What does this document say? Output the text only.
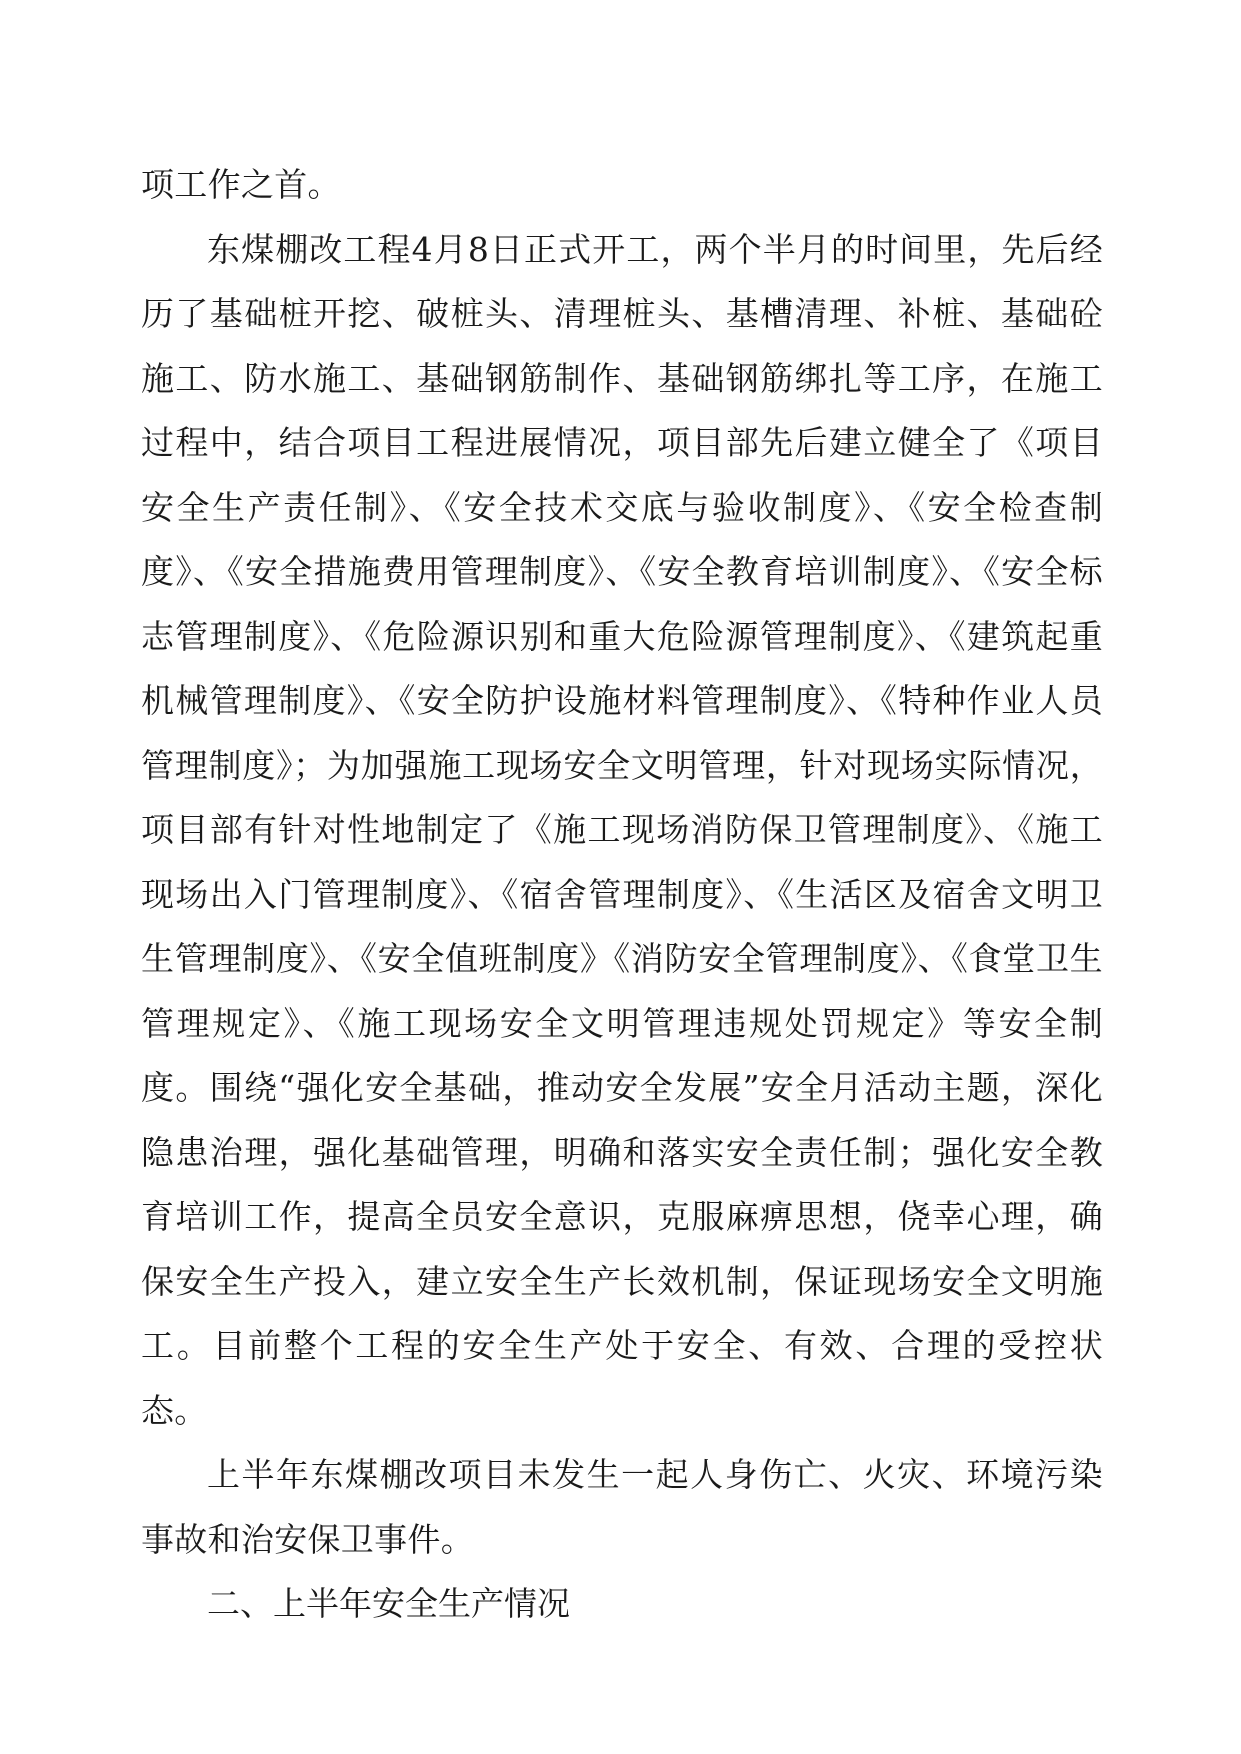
项工作之首。

东煤棚改工程4月8日正式开工，两个半月的时间里，先后经历了基础桩开挖、破桩头、清理桩头、基槽清理、补桩、基础砼施工、防水施工、基础钢筋制作、基础钢筋绑扎等工序，在施工过程中，结合项目工程进展情况，项目部先后建立健全了《项目安全生产责任制》、《安全技术交底与验收制度》、《安全检查制度》、《安全措施费用管理制度》、《安全教育培训制度》、《安全标志管理制度》、《危险源识别和重大危险源管理制度》、《建筑起重机械管理制度》、《安全防护设施材料管理制度》、《特种作业人员管理制度》；为加强施工现场安全文明管理，针对现场实际情况，项目部有针对性地制定了《施工现场消防保卫管理制度》、《施工现场出入门管理制度》、《宿舍管理制度》、《生活区及宿舍文明卫生管理制度》、《安全值班制度》《消防安全管理制度》、《食堂卫生管理规定》、《施工现场安全文明管理违规处罚规定》等安全制度。围绕“强化安全基础，推动安全发展”安全月活动主题，深化隐患治理，强化基础管理，明确和落实安全责任制；强化安全教育培训工作，提高全员安全意识，克服麻痹思想，侥幸心理，确保安全生产投入，建立安全生产长效机制，保证现场安全文明施工。目前整个工程的安全生产处于安全、有效、合理的受控状态。

上半年东煤棚改项目未发生一起人身伤亡、火灾、环境污染事故和治安保卫事件。

二、上半年安全生产情况
